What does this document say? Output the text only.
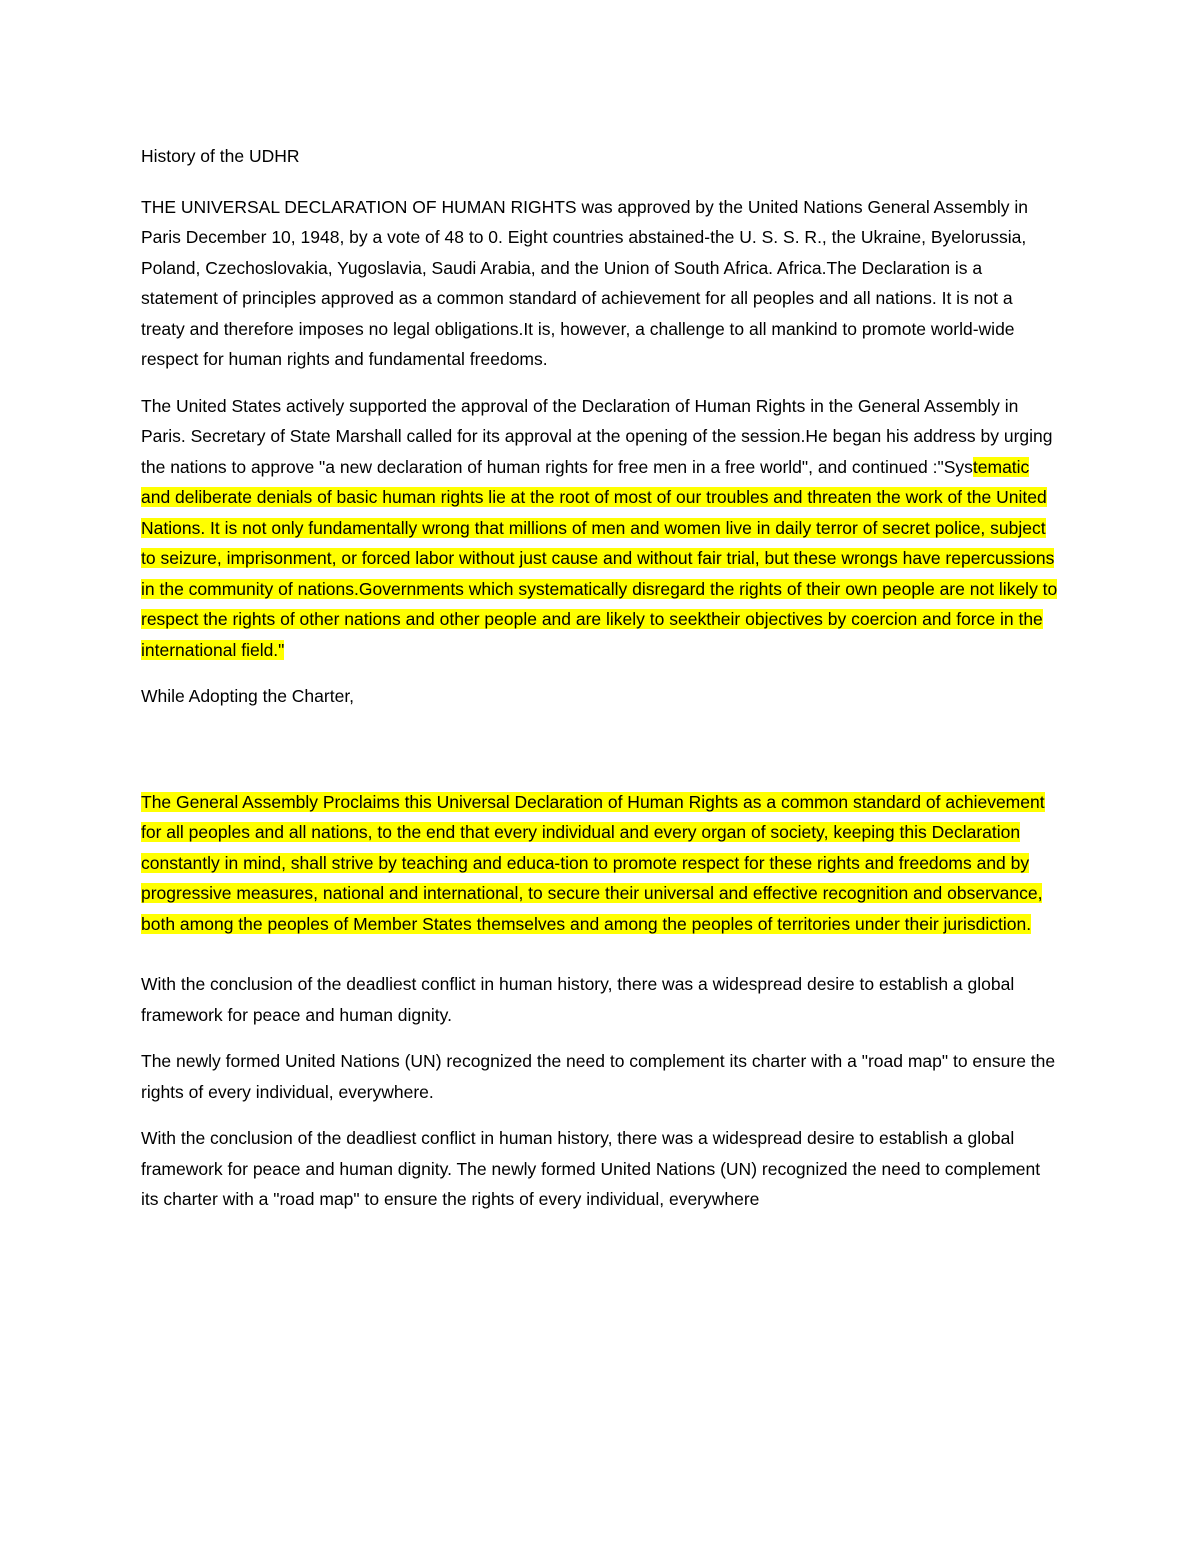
History of the UDHR

THE UNIVERSAL DECLARATION OF HUMAN RIGHTS was approved by the United Nations General Assembly in Paris December 10, 1948, by a vote of 48 to 0. Eight countries abstained-the U. S. S. R., the Ukraine, Byelorussia, Poland, Czechoslovakia, Yugoslavia, Saudi Arabia, and the Union of South Africa. Africa.The Declaration is a statement of principles approved as a common standard of achievement for all peoples and all nations. It is not a treaty and therefore imposes no legal obligations.It is, however, a challenge to all mankind to promote world-wide respect for human rights and fundamental freedoms.

The United States actively supported the approval of the Declaration of Human Rights in the General Assembly in Paris. Secretary of State Marshall called for its approval at the opening of the session.He began his address by urging the nations to approve "a new declaration of human rights for free men in a free world", and continued :"Systematic and deliberate denials of basic human rights lie at the root of most of our troubles and threaten the work of the United Nations. It is not only fundamentally wrong that millions of men and women live in daily terror of secret police, subject to seizure, imprisonment, or forced labor without just cause and without fair trial, but these wrongs have repercussions in the community of nations.Governments which systematically disregard the rights of their own people are not likely to respect the rights of other nations and other people and are likely to seektheir objectives by coercion and force in the international field."

While Adopting the Charter,

The General Assembly Proclaims this Universal Declaration of Human Rights as a common standard of achievement for all peoples and all nations, to the end that every individual and every organ of society, keeping this Declaration constantly in mind, shall strive by teaching and educa-tion to promote respect for these rights and freedoms and by progressive measures, national and international, to secure their universal and effective recognition and observance, both among the peoples of Member States themselves and among the peoples of territories under their jurisdiction.

With the conclusion of the deadliest conflict in human history, there was a widespread desire to establish a global framework for peace and human dignity.

The newly formed United Nations (UN) recognized the need to complement its charter with a "road map" to ensure the rights of every individual, everywhere.

With the conclusion of the deadliest conflict in human history, there was a widespread desire to establish a global framework for peace and human dignity. The newly formed United Nations (UN) recognized the need to complement its charter with a "road map" to ensure the rights of every individual, everywhere
